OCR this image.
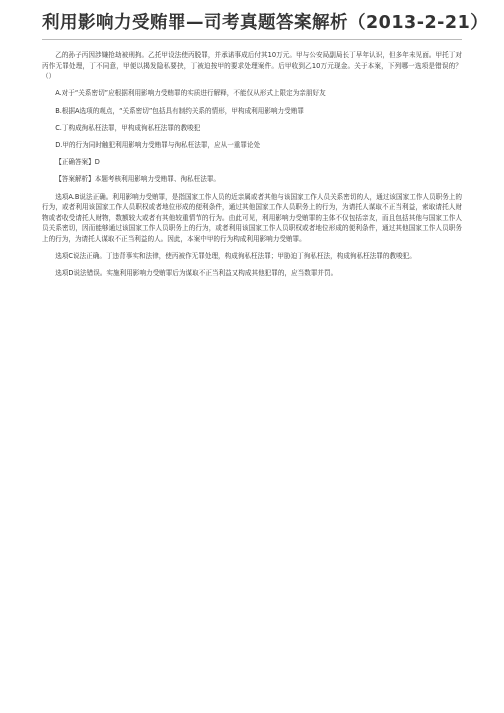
利用影响力受贿罪—司考真题答案解析（2013-2-21）

乙的孙子丙因涉嫌抢劫被刑拘。乙托甲设法使丙脱罪，并承诺事成后付其10万元。甲与公安局副局长丁早年认识，但多年未见面。甲托丁对丙作无罪处理，丁不同意，甲便以揭发隐私要挟，丁被迫按甲的要求处理案件。后甲收到乙10万元现金。关于本案，下列哪一选项是错误的？（）

A.对于“关系密切”应根据利用影响力受贿罪的实质进行解释，不能仅从形式上限定为亲朋好友

B.根据A选项的观点，“关系密切”包括具有制约关系的情形，甲构成利用影响力受贿罪

C.丁构成徇私枉法罪，甲构成徇私枉法罪的教唆犯

D.甲的行为同时触犯利用影响力受贿罪与徇私枉法罪，应从一重罪论处

【正确答案】D

【答案解析】本题考核利用影响力受贿罪、徇私枉法罪。

选项A.B说法正确。利用影响力受贿罪，是指国家工作人员的近亲属或者其他与该国家工作人员关系密切的人，通过该国家工作人员职务上的行为，或者利用该国家工作人员职权或者地位形成的便利条件，通过其他国家工作人员职务上的行为，为请托人谋取不正当利益，索取请托人财物或者收受请托人财物，数额较大或者有其他较重情节的行为。由此可见，利用影响力受贿罪的主体不仅包括亲友，而且包括其他与国家工作人员关系密切，因而能够通过该国家工作人员职务上的行为，或者利用该国家工作人员职权或者地位形成的便利条件，通过其他国家工作人员职务上的行为，为请托人谋取不正当利益的人。因此，本案中甲的行为构成利用影响力受贿罪。

选项C说法正确。丁违背事实和法律，使丙被作无罪处理，构成徇私枉法罪；甲胁迫丁徇私枉法，构成徇私枉法罪的教唆犯。

选项D说法错误。实施利用影响力受贿罪后为谋取不正当利益又构成其他犯罪的，应当数罪并罚。
